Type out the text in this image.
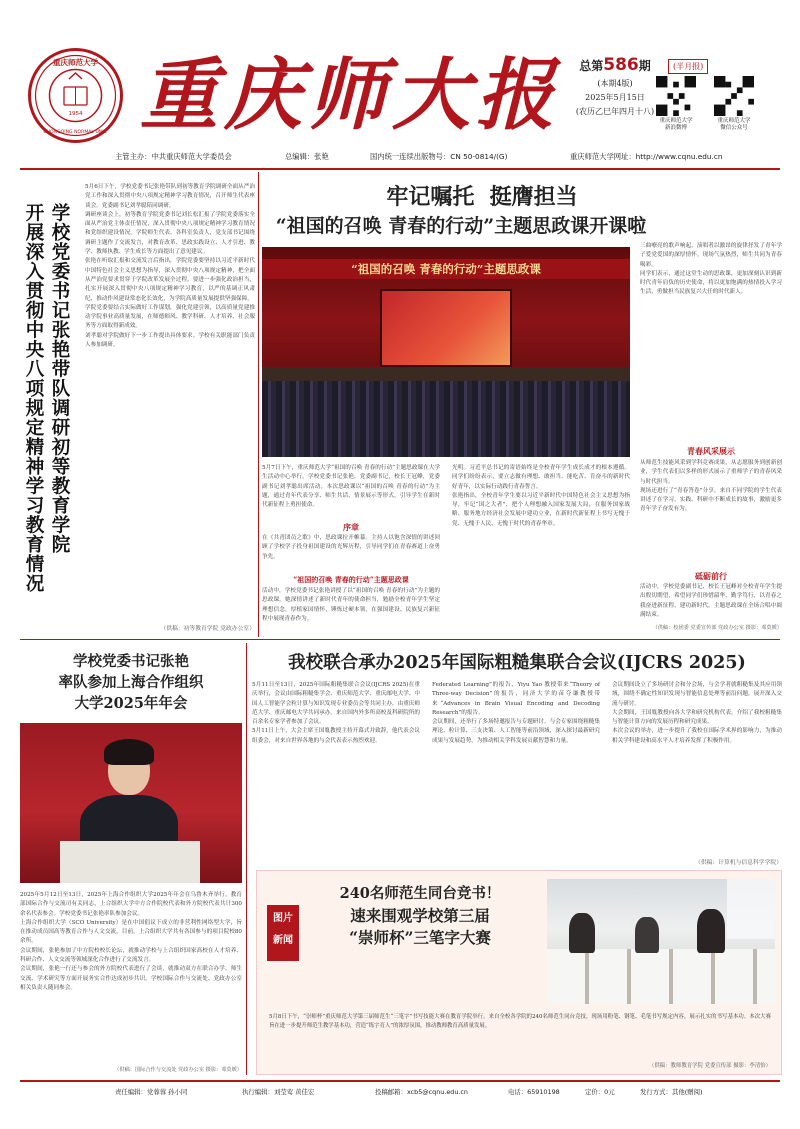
重庆师范大学
CHONGQING NORMAL UNIV.
1954 重庆师大报	总第586期
(本期4版)
2025年5月15日
(农历乙巳年四月十八)
(半月报)
重庆师范大学
新浪微博
重庆师范大学
微信公众号
主管主办：中共重庆师范大学委员会	总编辑：张艳	国内统一连续出版物号：CN 50-0814/(G)	重庆师范大学网址：http://www.cqnu.edu.cn
学校党委书记张艳带队调研初等教育学院
开展深入贯彻中央八项规定精神学习教育情况
5月6日下午，学校党委书记张艳带队到初等教育学院调研全面从严治党工作和深入贯彻中央八项规定精神学习教育情况，召开师生代表座谈会。党委副书记刘孝聪陪同调研。
调研座谈会上，初等教育学院党委书记刘长松汇报了学院党委落实全面从严治党主体责任情况，深入贯彻中央八项规定精神学习教育情况和党组织建设情况。学院师生代表、各科室负责人，党支部书记围绕调研主题作了交流发言，对教育改革、思政实践设立、人才引进、教学、教师执教、学生成长等方面提出了意见建议。
张艳在听取汇报和交流发言后指出，学院党委要坚持以习近平新时代中国特色社会主义思想为指导，深入贯彻中央八项规定精神，把全面从严治党要求贯穿于学院改革发展全过程。要进一步强化政治担当，扎实开展深入贯彻中央八项规定精神学习教育，以严的基调正风肃纪，推动作风建设常态化长效化，为学院高质量发展提供坚强保障。
学院党委要结合实际做好工作谋划，强化党建引领，以高质量党建推动学院事业高质量发展，在师德师风、教学科研、人才培养、社会服务等方面取得新成效。
刘孝聪对学院做好下一步工作提出具体要求。学校有关职能部门负责人参加调研。
（供稿：初等教育学院 党政办公室）
牢记嘱托  挺膺担当
“祖国的召唤 青春的行动”主题思政课开课啦
“祖国的召唤 青春的行动”主题思政课
5月7日下午，重庆师范大学“祖国的召唤 青春的行动”主题思政课在大学生活动中心举行。学校党委书记张艳，党委副书记，校长王冠峰，党委副书记刘孝聪出席活动。本次思政课以“祖国的召唤 青春的行动”为主题，通过青年代表分享、师生共话、情景展示等形式，引导学生在新时代新征程上勇担使命。
序章
在《共青团员之歌》中，思政课拉开帷幕。主持人以饱含深情的讲述回顾了学校学子投身祖国建设的光辉历程，引导同学们在青春赛道上奋勇争先。
“祖国的召唤 青春的行动”主题思政课
活动中，学校党委书记张艳讲授了以“祖国的召唤 青春的行动”为主题的思政课。她深情讲述了新时代青年的使命担当，勉励全校青年学生坚定理想信念，厚植家国情怀，锤炼过硬本领，在强国建设、民族复兴新征程中展现青春作为。
光明。习近平总书记的寄语始终是全校青年学生成长成才的根本遵循。同学们纷纷表示，要立志做有理想、敢担当、能吃苦、肯奋斗的新时代好青年，以实际行动践行青春誓言。
张艳指出，全校青年学生要以习近平新时代中国特色社会主义思想为指导，牢记“国之大者”，把个人理想融入国家发展大局，在服务国家战略、服务地方经济社会发展中建功立业，在新时代新征程上书写无愧于党、无愧于人民、无愧于时代的青春华章。
三曲嘹亮的歌声响起，演唱者以激昂的旋律抒发了青年学子爱党爱国的深厚情怀。现场气氛热烈，师生共同为青春喝彩。
同学们表示，通过这堂生动的思政课，更加深刻认识到新时代青年肩负的历史使命，将以更加饱满的热情投入学习生活，勇做担当民族复兴大任的时代新人。
青春风采展示
从师范生技能风采到学科竞赛成果，从志愿服务到创新创业，学生代表们以多样的形式展示了重师学子的青春风采与时代担当。
现场还进行了“青春答卷”分享，来自不同学院的学生代表讲述了在学习、实践、科研中不断成长的故事，激励更多青年学子奋发有为。
砥砺前行
活动中，学校党委副书记、校长王冠峰对全校青年学生提出殷切期望，希望同学们珍惜韶华、勤学笃行，以青春之我奋进新征程、建功新时代。主题思政课在全场合唱中圆满结束。
（供稿：校团委 党委宣传部 党政办公室 摄影：邓莫媛）
学校党委书记张艳
率队参加上海合作组织
大学2025年年会
2025年5月12日至13日，2025年上海合作组织大学2025年年会在乌鲁木齐举行。教育部国际合作与交流司有关同志，上合组织大学中方合作院校代表和外方院校代表共计300余名代表参会。学校党委书记张艳率队参加会议。
上海合作组织大学（SCO University）是在中国倡议下成立的非营利性网络型大学，旨在推动成员国高等教育合作与人文交流。目前，上合组织大学共有各国参与的项目院校80余所。
会议期间，张艳参加了中方院校校长论坛，就推动学校与上合组织国家高校在人才培养、科研合作、人文交流等领域深化合作进行了交流发言。
会议期间，张艳一行还与参会的外方院校代表进行了会谈，就推动双方在联合办学、师生交流、学术研究等方面开展务实合作达成初步共识。学校国际合作与交流处、党政办公室相关负责人随同参会。
（供稿：国际合作与交流处 党政办公室 摄影：邓莫媛）
我校联合承办2025年国际粗糙集联合会议(IJCRS 2025)
5月11日至13日，2025年国际粗糙集联合会议(IJCRS 2025)在重庆举行，会议由国际粗糙集学会、重庆师范大学、重庆邮电大学、中国人工智能学会粒计算与知识发现专业委员会等共同主办，由重庆师范大学、重庆邮电大学共同承办。来自国内外多所高校及科研院所的百余名专家学者参加了会议。
5月11日上午，大会主席王国胤教授主持开幕式并致辞，他代表会议组委会，对来自世界各地的与会代表表示热烈欢迎。
Federated Learning”的报告，Yiyu Yao 教授带来“Theory of Three-way Decision”的报告，同济大学的苗夺谦教授带来“Advances in Brain Visual Encoding and Decoding Research”的报告。
会议期间，还举行了多场特邀报告与专题研讨。与会专家围绕粗糙集理论、粒计算、三支决策、人工智能等前沿领域，深入探讨最新研究成果与发展趋势，为推动相关学科发展贡献智慧和力量。
会议期间设立了多场研讨会和分会场，与会学者就粗糙集及其应用领域，围绕不确定性知识发现与智能信息处理等前沿问题，展开深入交流与研讨。
大会期间，王国胤教授向各大学和研究机构代表，介绍了我校粗糙集与智能计算方向的发展历程和研究成果。
本次会议的举办，进一步提升了我校在国际学术界的影响力，为推动相关学科建设和高水平人才培养发挥了积极作用。
（供稿：计算机与信息科学学院）
图片
新闻
240名师范生同台竞书！
速来围观学校第三届
“崇师杯”三笔字大赛
5月8日下午，“崇师杯”重庆师范大学第三届师范生“三笔字”书写技能大赛在教育学院举行。来自全校各学院的240名师范生同台竞技，现场用粉笔、钢笔、毛笔书写规定内容，展示扎实的书写基本功。本次大赛旨在进一步提升师范生教学基本功，营造“练字育人”的浓厚氛围，推动教师教育高质量发展。
（供稿：教师教育学院 党委宣传部 摄影：李清怡）
责任编辑：党蓉蓉 孙小同	执行编辑：刘莹莺 黄佳宏	投稿邮箱：xcb5@cqnu.edu.cn	电话：65910198	定价：0元	发行方式：其他(赠阅)
